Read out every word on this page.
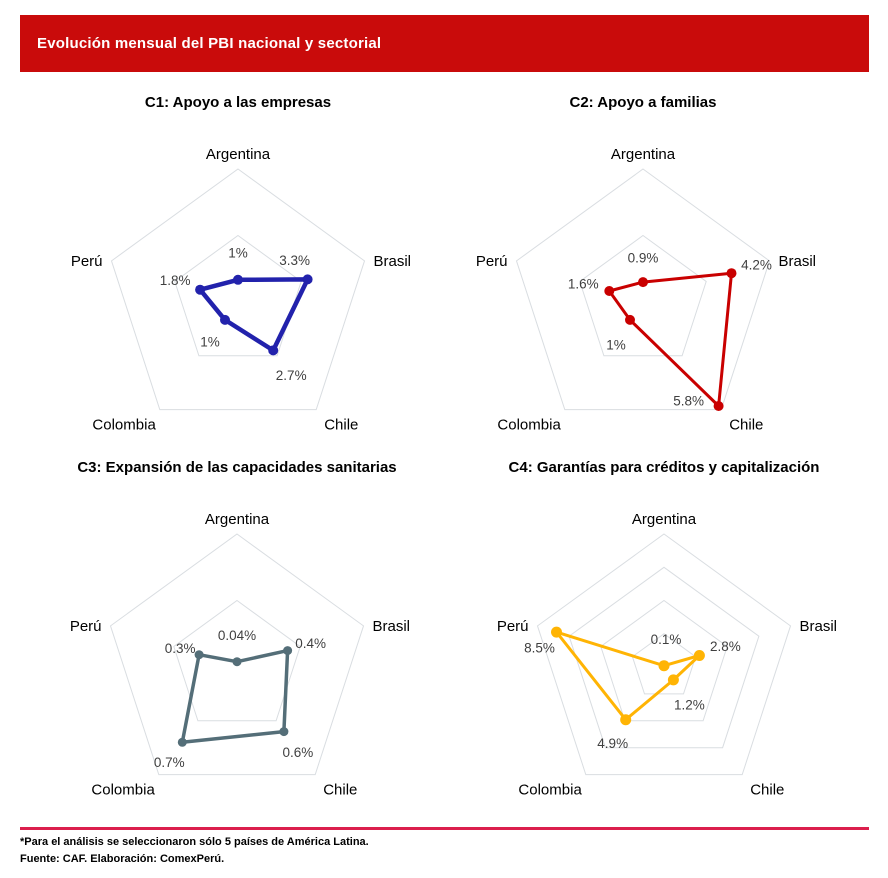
Evolución mensual del PBI nacional y sectorial
C1: Apoyo a las empresas
1%
3.3%
2.7%
1%
1.8%
Argentina
Brasil
Chile
Colombia
Perú
C2: Apoyo a familias
0.9%	4.2%
5.8%
1%
1.6%
Argentina
Brasil
Chile
Colombia
Perú
C3: Expansión de las capacidades sanitarias
0.04%
0.4%
0.6%
0.7%
0.3%
Argentina
Brasil
Chile
Colombia
Perú
C4: Garantías para créditos y capitalización
0.1% 2.8%
1.2%
4.9%
8.5%
Argentina
Brasil
Chile
Colombia
Perú

*Para el análisis se seleccionaron sólo 5 países de América Latina.

Fuente: CAF. Elaboración: ComexPerú.
